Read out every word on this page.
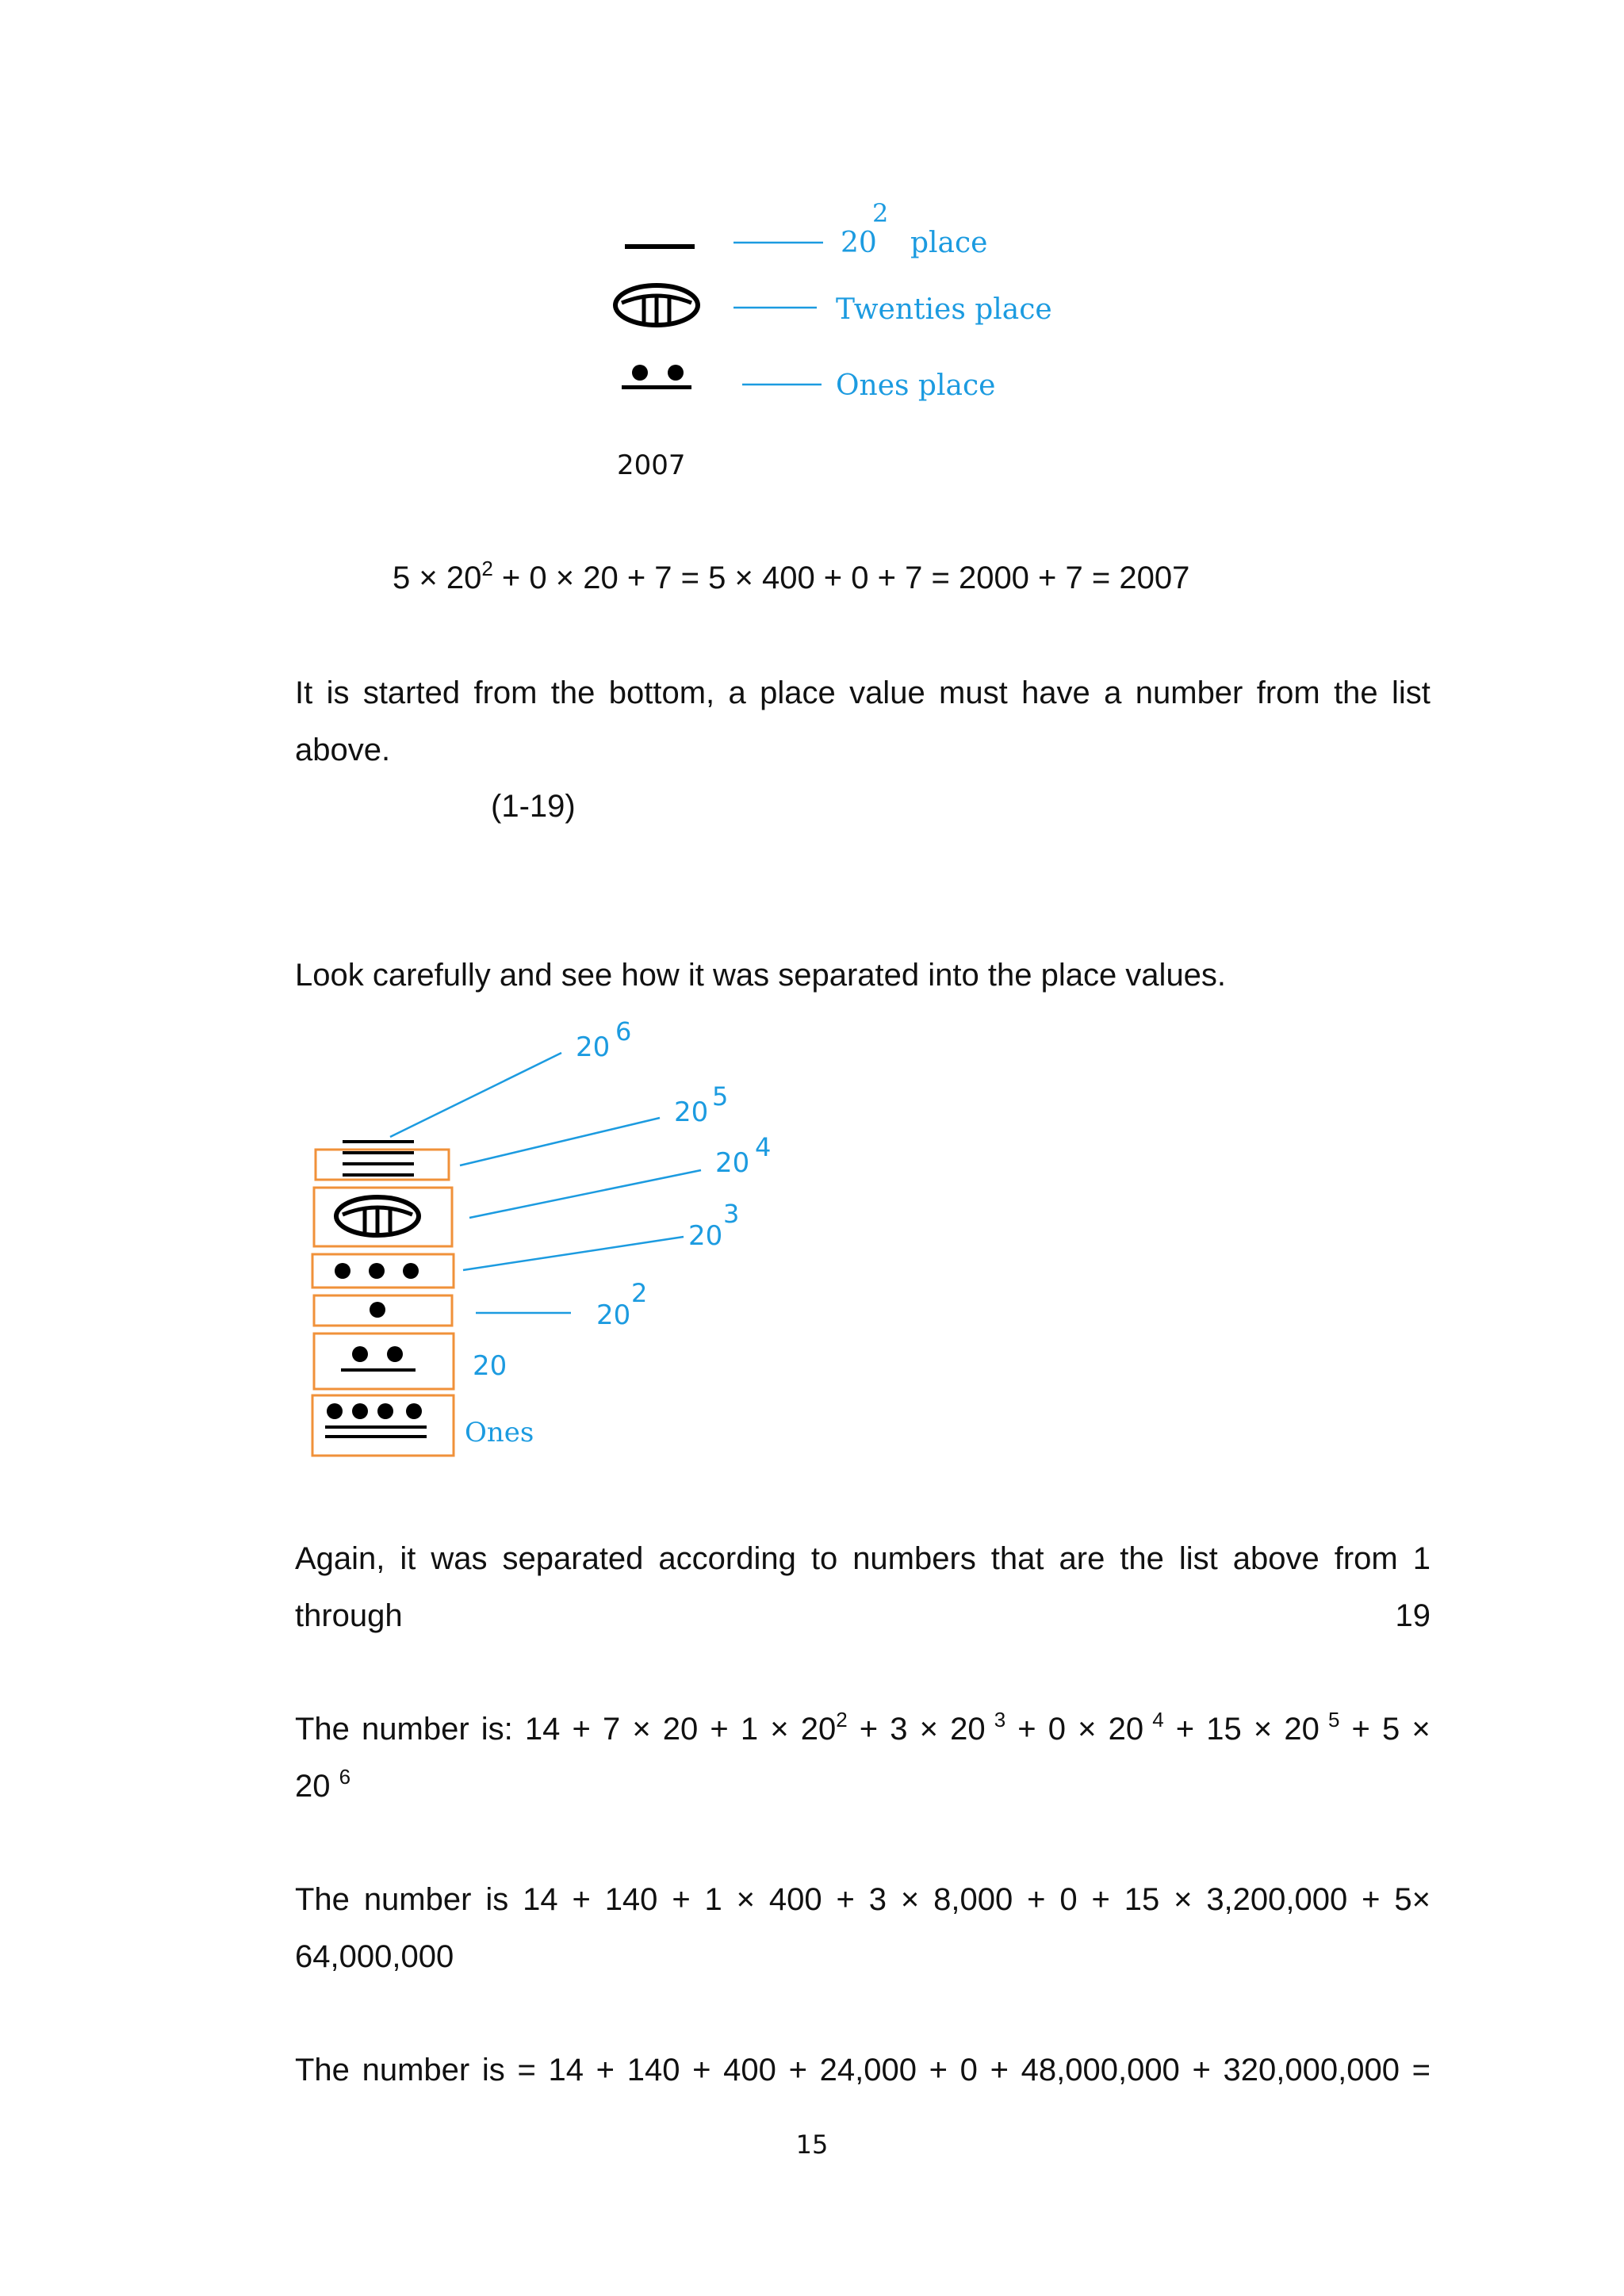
20
2
place
Twenties place
Ones place
2007
$5 \times 20^2 + 0 \times 20 + 7 = 5 \times 400 + 0 + 7 = 2000 + 7 = 2007$
It is started from the bottom, a place value must have a number from the list
above.
(1-19)
Look carefully and see how it was separated into the place values.
20 6
20 5
20 4
20
3
20
2
20
Ones
Again, it was separated according to numbers that are the list above from 1
through	19
The number is: $14 + 7 \times 20 + 1 \times 20^2 + 3 \times 20$ $^3$ + 0 × 20 $^4$ + 15 × 20 $^5$ + 5 ×
20 $^6$
The number is 14 + 140 + 1 × 400 + 3 × 8,000 + 0 + 15 × 3,200,000 + 5×
64,000,000
The number is = 14 + 140 + 400 + 24,000 + 0 + 48,000,000 + 320,000,000 =
15
